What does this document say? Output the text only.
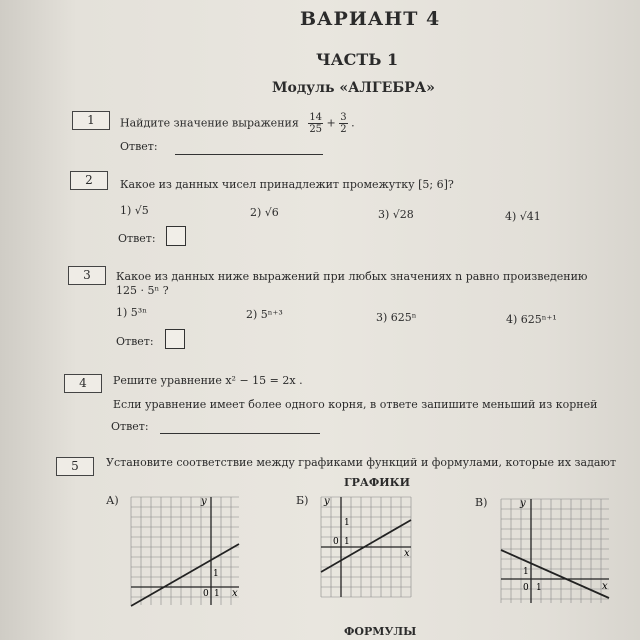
ВАРИАНТ 4
ЧАСТЬ 1
Модуль «АЛГЕБРА»
1	Найдите значение выражения $\frac{14}{25} + \frac{3}{2}$ .
Ответ:
2	Какое из данных чисел принадлежит промежутку [5; 6]?
1) √5	2) √6	3) √28	4) √41
Ответ:
3	Какое из данных ниже выражений при любых значениях n равно произведению
125 · 5ⁿ ?
1) 5³ⁿ	2) 5ⁿ⁺³	3) 625ⁿ	4) 625ⁿ⁺¹
Ответ:
4	Решите уравнение x² − 15 = 2x .
Если уравнение имеет более одного корня, в ответе запишите меньший из корней
Ответ:
5	Установите соответствие между графиками функций и формулами, которые их задают
ГРАФИКИ
А)	Б)	В)
y
x
0 1
1
y
x
0 1
1
y
x
0 1
1
ФОРМУЛЫ
